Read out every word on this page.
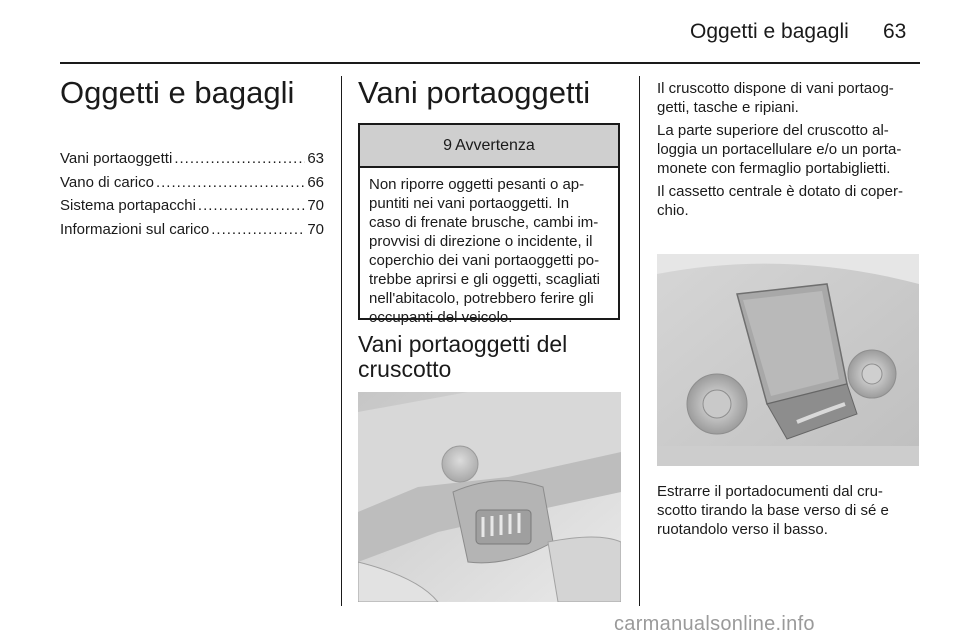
Oggetti e bagagli 63
Oggetti e bagagli
Vani portaoggetti .....	63
Vano di carico .....	66
Sistema portapacchi .....	70
Informazioni sul carico .....	70
Vani portaoggetti
9 Avvertenza
Non riporre oggetti pesanti o ap-
puntiti nei vani portaoggetti. In
caso di frenate brusche, cambi im-
provvisi di direzione o incidente, il
coperchio dei vani portaoggetti po-
trebbe aprirsi e gli oggetti, scagliati
nell'abitacolo, potrebbero ferire gli
occupanti del veicolo.
Vani portaoggetti del cruscotto
Il cruscotto dispone di vani portaog-
getti, tasche e ripiani.
La parte superiore del cruscotto al-
loggia un portacellulare e/o un porta-
monete con fermaglio portabiglietti.
Il cassetto centrale è dotato di coper-
chio.
Estrarre il portadocumenti dal cru-
scotto tirando la base verso di sé e
ruotandolo verso il basso.
carmanualsonline.info
